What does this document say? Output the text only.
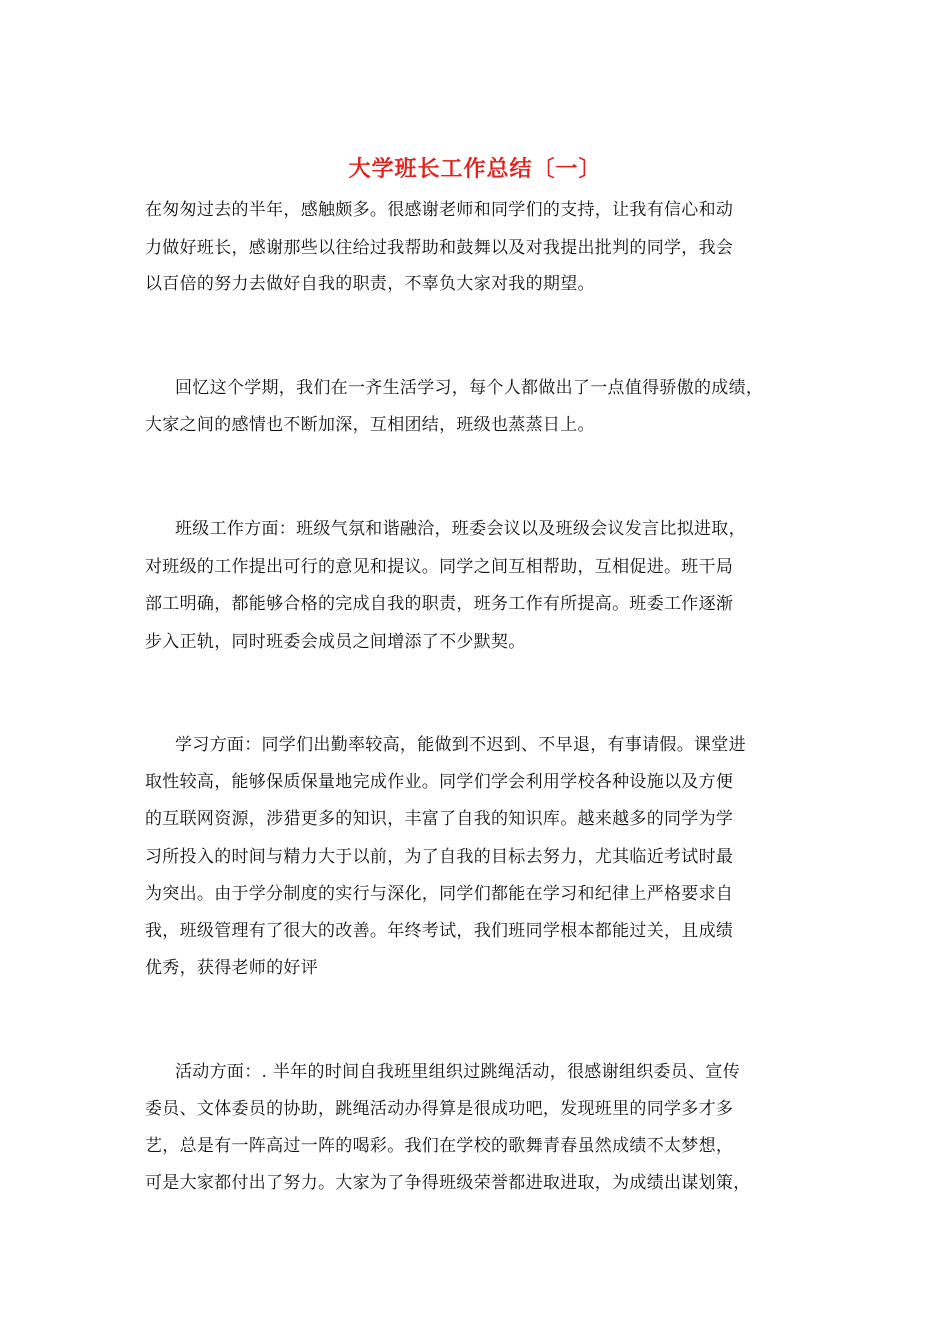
大学班长工作总结〔一〕
在匆匆过去的半年，感触颇多。很感谢老师和同学们的支持，让我有信心和动
力做好班长，感谢那些以往给过我帮助和鼓舞以及对我提出批判的同学，我会
以百倍的努力去做好自我的职责，不辜负大家对我的期望。
回忆这个学期，我们在一齐生活学习，每个人都做出了一点值得骄傲的成绩，
大家之间的感情也不断加深，互相团结，班级也蒸蒸日上。
班级工作方面：班级气氛和谐融洽，班委会议以及班级会议发言比拟进取，
对班级的工作提出可行的意见和提议。同学之间互相帮助，互相促进。班干局
部工明确，都能够合格的完成自我的职责，班务工作有所提高。班委工作逐渐
步入正轨，同时班委会成员之间增添了不少默契。
学习方面：同学们出勤率较高，能做到不迟到、不早退，有事请假。课堂进
取性较高，能够保质保量地完成作业。同学们学会利用学校各种设施以及方便
的互联网资源，涉猎更多的知识，丰富了自我的知识库。越来越多的同学为学
习所投入的时间与精力大于以前，为了自我的目标去努力，尤其临近考试时最
为突出。由于学分制度的实行与深化，同学们都能在学习和纪律上严格要求自
我，班级管理有了很大的改善。年终考试，我们班同学根本都能过关，且成绩
优秀，获得老师的好评
活动方面：. 半年的时间自我班里组织过跳绳活动，很感谢组织委员、宣传
委员、文体委员的协助，跳绳活动办得算是很成功吧，发现班里的同学多才多
艺，总是有一阵高过一阵的喝彩。我们在学校的歌舞青春虽然成绩不太梦想，
可是大家都付出了努力。大家为了争得班级荣誉都进取进取，为成绩出谋划策，
